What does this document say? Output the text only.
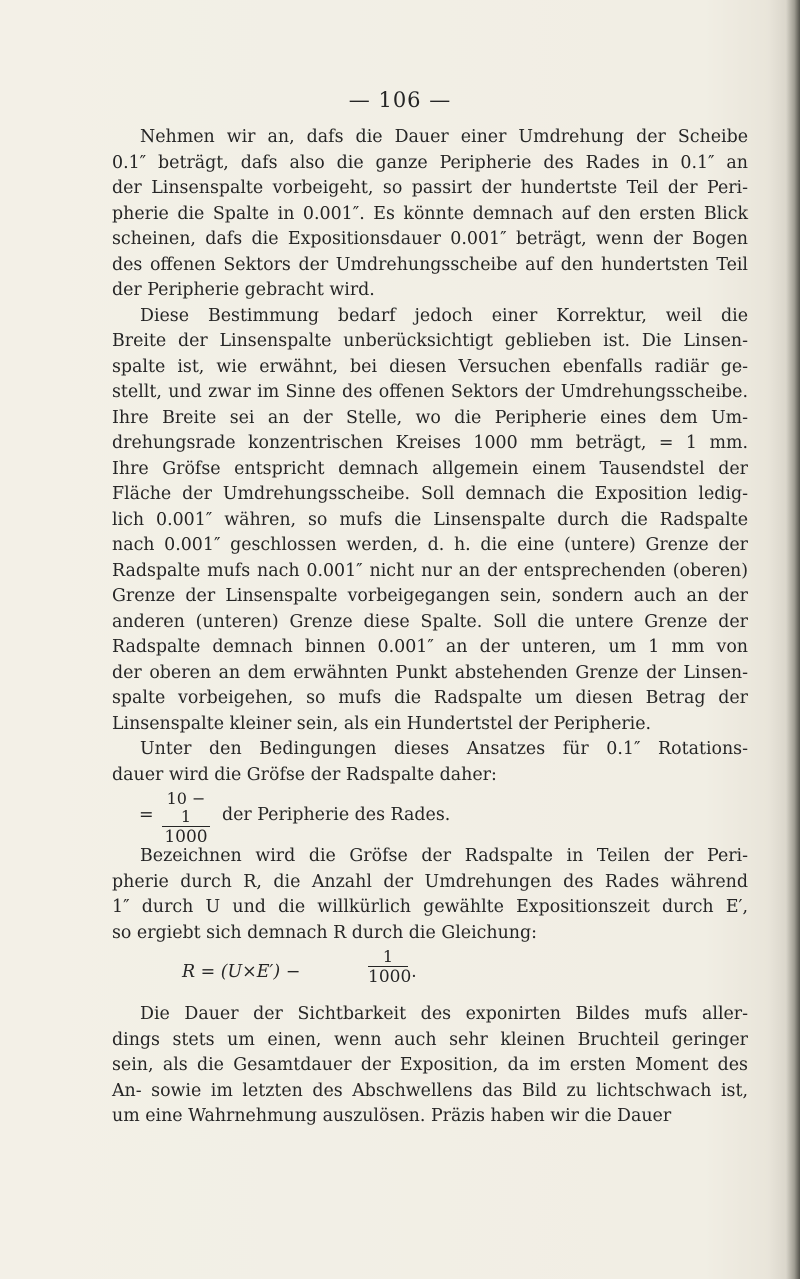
— 106 —
Nehmen wir an, dafs die Dauer einer Umdrehung der Scheibe
0.1″ beträgt, dafs also die ganze Peripherie des Rades in 0.1″ an
der Linsenspalte vorbeigeht, so passirt der hundertste Teil der Peri-
pherie die Spalte in 0.001″. Es könnte demnach auf den ersten Blick
scheinen, dafs die Expositionsdauer 0.001″ beträgt, wenn der Bogen
des offenen Sektors der Umdrehungsscheibe auf den hundertsten Teil
der Peripherie gebracht wird.
Diese Bestimmung bedarf jedoch einer Korrektur, weil die
Breite der Linsenspalte unberücksichtigt geblieben ist. Die Linsen-
spalte ist, wie erwähnt, bei diesen Versuchen ebenfalls radiär ge-
stellt, und zwar im Sinne des offenen Sektors der Umdrehungsscheibe.
Ihre Breite sei an der Stelle, wo die Peripherie eines dem Um-
drehungsrade konzentrischen Kreises 1000 mm beträgt, = 1 mm.
Ihre Gröfse entspricht demnach allgemein einem Tausendstel der
Fläche der Umdrehungsscheibe. Soll demnach die Exposition ledig-
lich 0.001″ währen, so mufs die Linsenspalte durch die Radspalte
nach 0.001″ geschlossen werden, d. h. die eine (untere) Grenze der
Radspalte mufs nach 0.001″ nicht nur an der entsprechenden (oberen)
Grenze der Linsenspalte vorbeigegangen sein, sondern auch an der
anderen (unteren) Grenze diese Spalte. Soll die untere Grenze der
Radspalte demnach binnen 0.001″ an der unteren, um 1 mm von
der oberen an dem erwähnten Punkt abstehenden Grenze der Linsen-
spalte vorbeigehen, so mufs die Radspalte um diesen Betrag der
Linsenspalte kleiner sein, als ein Hundertstel der Peripherie.
Unter den Bedingungen dieses Ansatzes für 0.1″ Rotations-
dauer wird die Gröfse der Radspalte daher:
= $\frac{10 - 1}{1000}$ der Peripherie des Rades.
Bezeichnen wird die Gröfse der Radspalte in Teilen der Peri-
pherie durch R, die Anzahl der Umdrehungen des Rades während
1″ durch U und die willkürlich gewählte Expositionszeit durch E′,
so ergiebt sich demnach R durch die Gleichung:
R = (U×E′) −	$\frac{1}{1000\cdot}$
Die Dauer der Sichtbarkeit des exponirten Bildes mufs aller-
dings stets um einen, wenn auch sehr kleinen Bruchteil geringer
sein, als die Gesamtdauer der Exposition, da im ersten Moment des
An- sowie im letzten des Abschwellens das Bild zu lichtschwach ist,
um eine Wahrnehmung auszulösen. Präzis haben wir die Dauer
